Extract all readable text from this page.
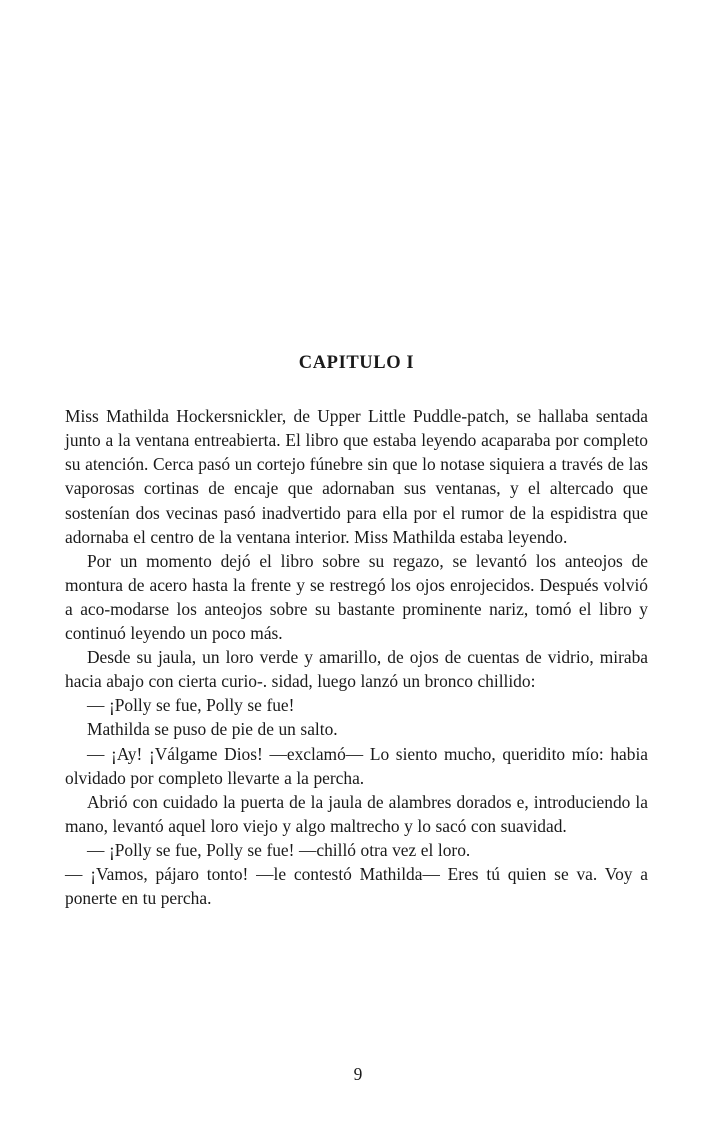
CAPITULO I

Miss Mathilda Hockersnickler, de Upper Little Puddle-patch, se hallaba sentada junto a la ventana entreabierta. El libro que estaba leyendo acaparaba por completo su atención. Cerca pasó un cortejo fúnebre sin que lo notase siquiera a través de las vaporosas cortinas de encaje que adornaban sus ventanas, y el altercado que sostenían dos vecinas pasó inadvertido para ella por el rumor de la espidistra que adornaba el centro de la ventana interior. Miss Mathilda estaba leyendo.

Por un momento dejó el libro sobre su regazo, se levantó los anteojos de montura de acero hasta la frente y se restregó los ojos enrojecidos. Después volvió a aco-modarse los anteojos sobre su bastante prominente nariz, tomó el libro y continuó leyendo un poco más.

Desde su jaula, un loro verde y amarillo, de ojos de cuentas de vidrio, miraba hacia abajo con cierta curio-. sidad, luego lanzó un bronco chillido:

— ¡Polly se fue, Polly se fue!

Mathilda se puso de pie de un salto.

— ¡Ay! ¡Válgame Dios! —exclamó— Lo siento mucho, queridito mío: habia olvidado por completo llevarte a la percha.

Abrió con cuidado la puerta de la jaula de alambres dorados e, introduciendo la mano, levantó aquel loro viejo y algo maltrecho y lo sacó con suavidad.

— ¡Polly se fue, Polly se fue! —chilló otra vez el loro.

— ¡Vamos, pájaro tonto! —le contestó Mathilda— Eres tú quien se va. Voy a ponerte en tu percha.

9
